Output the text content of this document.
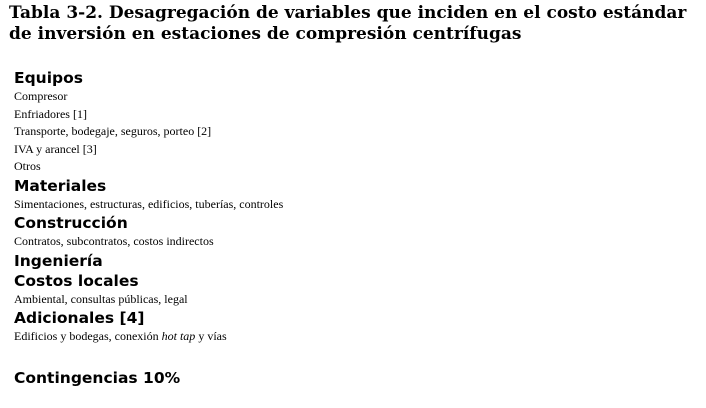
Tabla 3-2. Desagregación de variables que inciden en el costo estándar de inversión en estaciones de compresión centrífugas
Equipos
Compresor
Enfriadores [1]
Transporte, bodegaje, seguros, porteo [2]
IVA y arancel [3]
Otros
Materiales
Simentaciones, estructuras, edificios, tuberías, controles
Construcción
Contratos, subcontratos, costos indirectos
Ingeniería
Costos locales
Ambiental, consultas públicas, legal
Adicionales [4]
Edificios y bodegas, conexión hot tap y vías
Contingencias 10%
